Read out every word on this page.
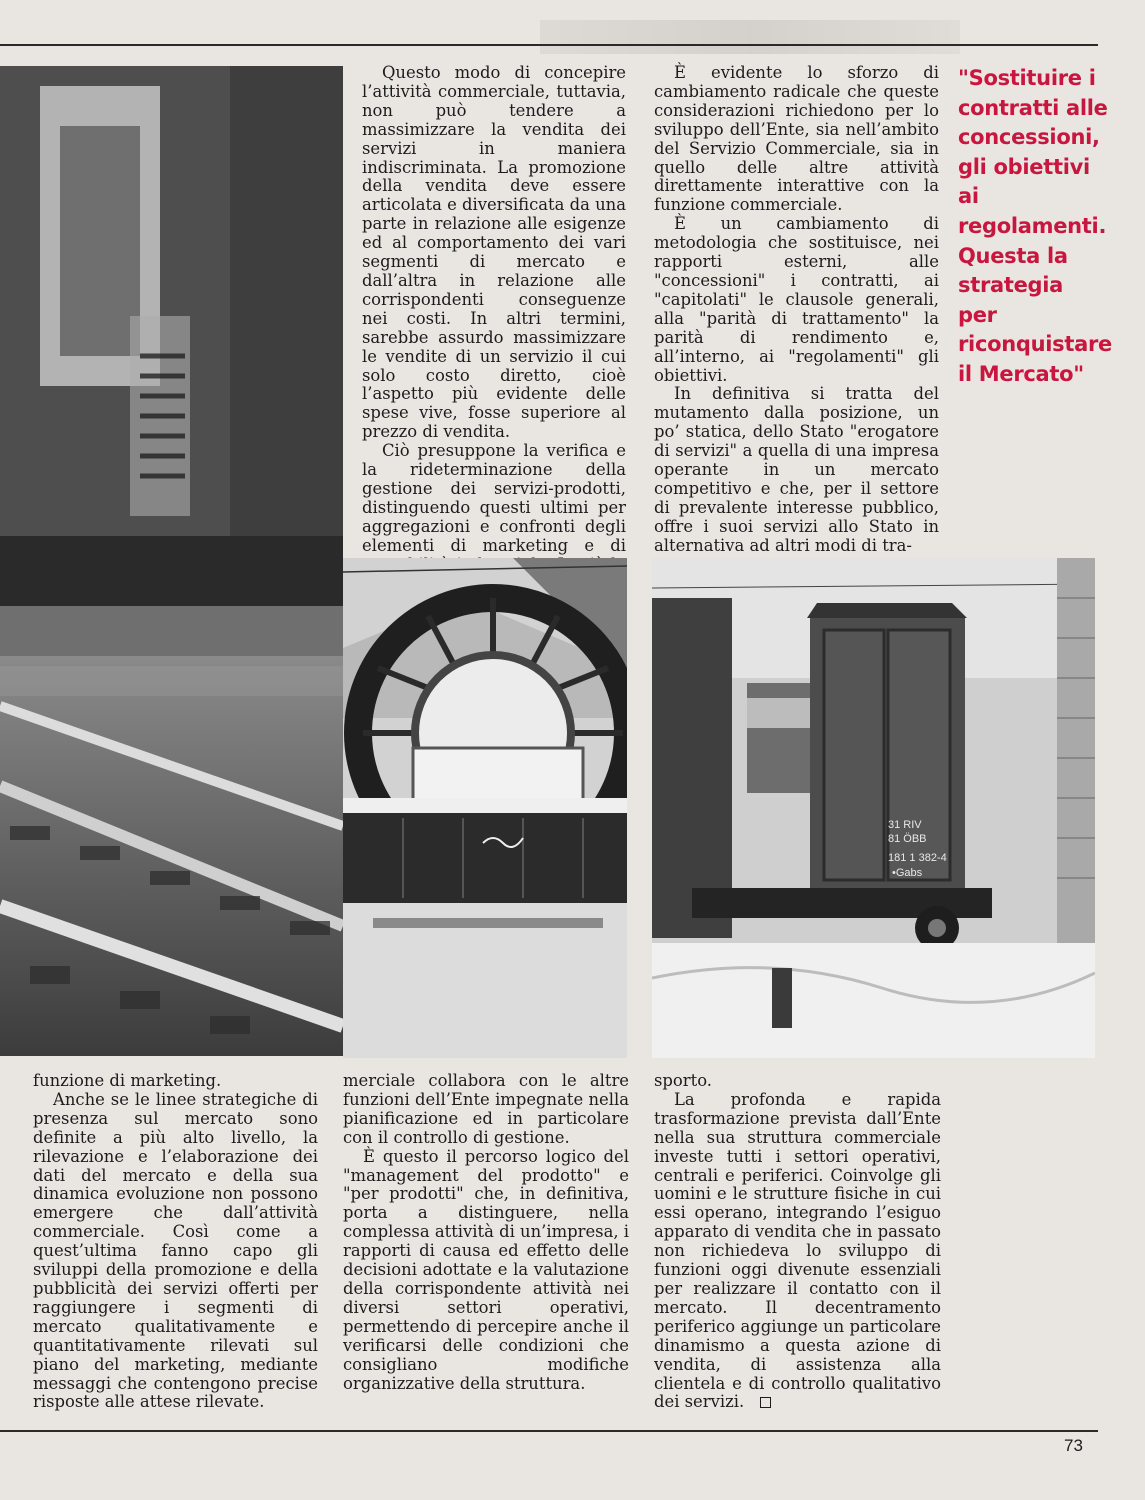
Questo modo di concepire l’attività commerciale, tuttavia, non può tendere a massimizzare la vendita dei servizi in maniera indiscriminata. La promozione della vendita deve essere articolata e diversificata da una parte in relazione alle esigenze ed al comportamento dei vari segmenti di mercato e dall’altra in relazione alle corrispondenti conseguenze nei costi. In altri termini, sarebbe assurdo massimizzare le vendite di un servizio il cui solo costo diretto, cioè l’aspetto più evidente delle spese vive, fosse superiore al prezzo di vendita.

Ciò presuppone la verifica e la rideterminazione della gestione dei servizi-prodotti, distinguendo questi ultimi per aggregazioni e confronti degli elementi di marketing e di

È evidente lo sforzo di cambiamento radicale che queste considerazioni richiedono per lo sviluppo dell’Ente, sia nell’ambito del Servizio Commerciale, sia in quello delle altre attività direttamente interattive con la funzione commerciale.

È un cambiamento di metodologia che sostituisce, nei rapporti esterni, alle "concessioni" i contratti, ai "capitolati" le clausole generali, alla "parità di trattamento" la parità di rendimento e, all’interno, ai "regolamenti" gli obiettivi.

In definitiva si tratta del mutamento dalla posizione, un po’ statica, dello Stato "erogatore di servizi" a quella di una impresa operante in un mercato competitivo e che, per il settore di prevalente interesse pubblico, offre i suoi servizi allo Stato in alternativa ad altri modi di tra-

"Sostituire i contratti alle concessioni, gli obiettivi ai regolamenti. Questa la strategia per riconquistare il Mercato"
31 RIV
81 ÖBB
181 1 382-4
•Gabs

funzione di marketing.

Anche se le linee strategiche di presenza sul mercato sono definite a più alto livello, la rilevazione e l’elaborazione dei dati del mercato e della sua dinamica evoluzione non possono emergere che dall’attività commerciale. Così come a quest’ultima fanno capo gli sviluppi della promozione e della pubblicità dei servizi offerti per raggiungere i segmenti di mercato qualitativamente e quantitativamente rilevati sul piano del marketing, mediante messaggi che contengono precise risposte alle attese rilevate.

merciale collabora con le altre funzioni dell’Ente impegnate nella pianificazione ed in particolare con il controllo di gestione.

È questo il percorso logico del "management del prodotto" e "per prodotti" che, in definitiva, porta a distinguere, nella complessa attività di un’impresa, i rapporti di causa ed effetto delle decisioni adottate e la valutazione della corrispondente attività nei diversi settori operativi, permettendo di percepire anche il verificarsi delle condizioni che consigliano modifiche organizzative della struttura.

sporto.

La profonda e rapida trasformazione prevista dall’Ente nella sua struttura commerciale investe tutti i settori operativi, centrali e periferici. Coinvolge gli uomini e le strutture fisiche in cui essi operano, integrando l’esiguo apparato di vendita che in passato non richiedeva lo sviluppo di funzioni oggi divenute essenziali per realizzare il contatto con il mercato. Il decentramento periferico aggiunge un particolare dinamismo a questa azione di vendita, di assistenza alla clientela e di controllo qualitativo dei servizi.

73
